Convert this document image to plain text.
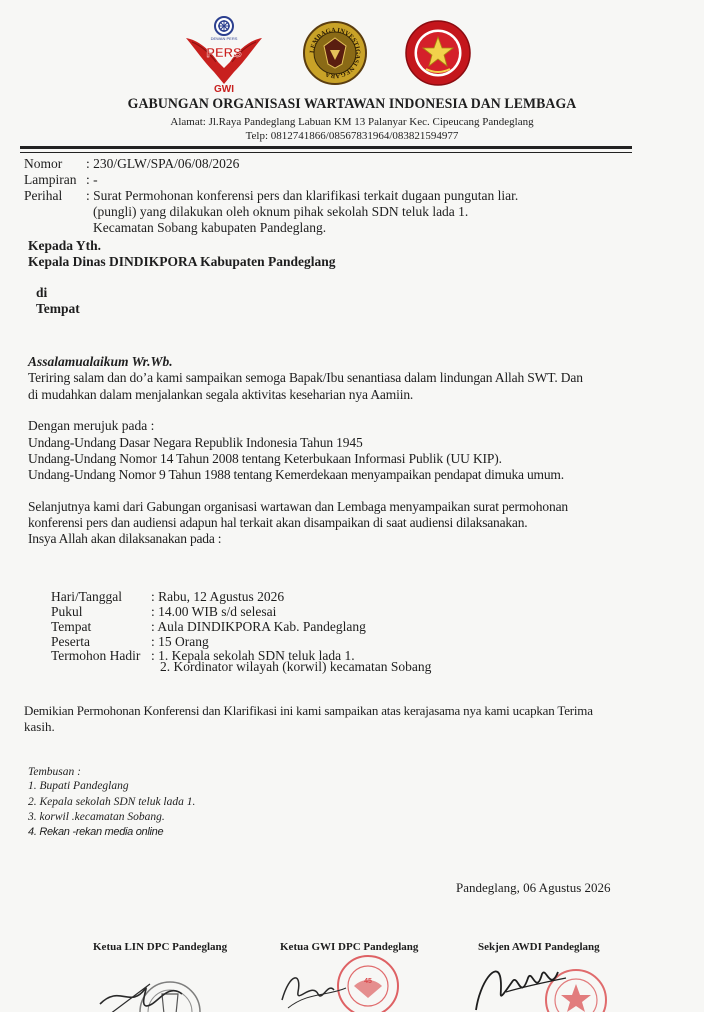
DEWAN PERS
PERS
GWI
LEMBAGA INVESTIGASI NEGARA
GABUNGAN ORGANISASI WARTAWAN INDONESIA DAN LEMBAGA
Alamat: Jl.Raya Pandeglang Labuan KM 13 Palanyar Kec. Cipeucang Pandeglang
Telp: 0812741866/08567831964/083821594977
Nomor : 230/GLW/SPA/06/08/2026
Lampiran : -
Perihal : Surat Permohonan konferensi pers dan klarifikasi terkait dugaan pungutan liar.
(pungli) yang dilakukan oleh oknum pihak sekolah SDN teluk lada 1.
Kecamatan Sobang kabupaten Pandeglang.
Kepada Yth.
Kepala Dinas DINDIKPORA Kabupaten Pandeglang
di
Tempat
Assalamualaikum Wr.Wb.
Teriring salam dan do’a kami sampaikan semoga Bapak/Ibu senantiasa dalam lindungan Allah SWT. Dan
di mudahkan dalam menjalankan segala aktivitas keseharian nya Aamiin.
Dengan merujuk pada :
Undang-Undang Dasar Negara Republik Indonesia Tahun 1945
Undang-Undang Nomor 14 Tahun 2008 tentang Keterbukaan Informasi Publik (UU KIP).
Undang-Undang Nomor 9 Tahun 1988 tentang Kemerdekaan menyampaikan pendapat dimuka umum.
Selanjutnya kami dari Gabungan organisasi wartawan dan Lembaga menyampaikan surat permohonan
konferensi pers dan audiensi adapun hal terkait akan disampaikan di saat audiensi dilaksanakan.
Insya Allah akan dilaksanakan pada :
Hari/Tanggal : Rabu, 12 Agustus 2026
Pukul	: 14.00 WIB s/d selesai
Tempat	: Aula DINDIKPORA Kab. Pandeglang
Peserta	: 15 Orang
Termohon Hadir : 1. Kepala sekolah SDN teluk lada 1.
2. Kordinator wilayah (korwil) kecamatan Sobang
Demikian Permohonan Konferensi dan Klarifikasi ini kami sampaikan atas kerajasama nya kami ucapkan Terima
kasih.
Tembusan :
1. Bupati Pandeglang
2. Kepala sekolah SDN teluk lada 1.
3. korwil .kecamatan Sobang.
4. Rekan -rekan media online
Pandeglang, 06 Agustus 2026
Ketua LIN DPC Pandeglang	Ketua GWI DPC Pandeglang	Sekjen AWDI Pandeglang
45
